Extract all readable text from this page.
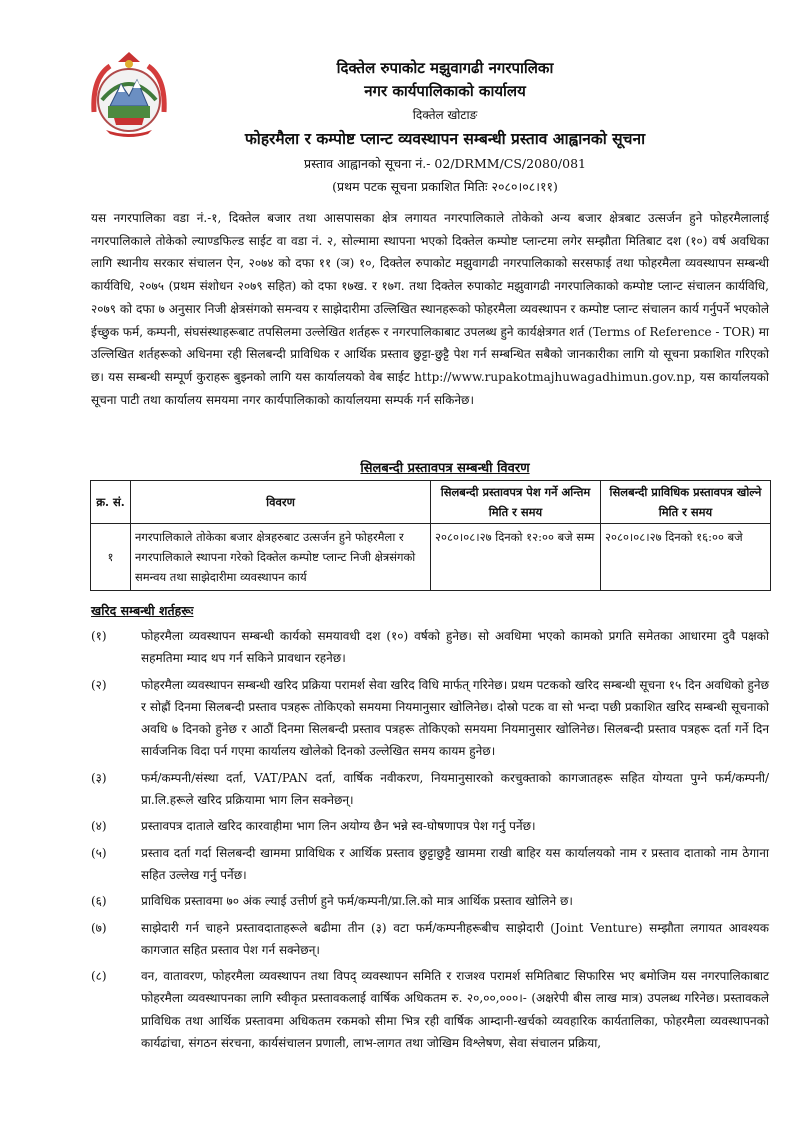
दिक्तेल रुपाकोट मझुवागढी नगरपालिका
नगर कार्यपालिकाको कार्यालय
दिक्तेल खोटाङ
फोहरमैला र कम्पोष्ट प्लान्ट व्यवस्थापन सम्बन्धी प्रस्ताव आह्वानको सूचना
प्रस्ताव आह्वानको सूचना नं.- 02/DRMM/CS/2080/081
(प्रथम पटक सूचना प्रकाशित मितिः २०८०।०८।११)

यस नगरपालिका वडा नं.-१, दिक्तेल बजार तथा आसपासका क्षेत्र लगायत नगरपालिकाले तोकेको अन्य बजार क्षेत्रबाट उत्सर्जन हुने फोहरमैलालाई नगरपालिकाले तोकेको ल्याण्डफिल्ड साईट वा वडा नं. २, सोल्मामा स्थापना भएको दिक्तेल कम्पोष्ट प्लान्टमा लगेर सम्झौता मितिबाट दश (१०) वर्ष अवधिका लागि स्थानीय सरकार संचालन ऐन, २०७४ को दफा ११ (ञ) १०, दिक्तेल रुपाकोट मझुवागढी नगरपालिकाको सरसफाई तथा फोहरमैला व्यवस्थापन सम्बन्धी कार्यविधि, २०७५ (प्रथम संशोधन २०७९ सहित) को दफा १७ख. र १७ग. तथा दिक्तेल रुपाकोट मझुवागढी नगरपालिकाको कम्पोष्ट प्लान्ट संचालन कार्यविधि, २०७९ को दफा ७ अनुसार निजी क्षेत्रसंगको समन्वय र साझेदारीमा उल्लिखित स्थानहरूको फोहरमैला व्यवस्थापन र कम्पोष्ट प्लान्ट संचालन कार्य गर्नुपर्ने भएकोले ईच्छुक फर्म, कम्पनी, संघसंस्थाहरूबाट तपसिलमा उल्लेखित शर्तहरू र नगरपालिकाबाट उपलब्ध हुने कार्यक्षेत्रगत शर्त (Terms of Reference - TOR) मा उल्लिखित शर्तहरूको अधिनमा रही सिलबन्दी प्राविधिक र आर्थिक प्रस्ताव छुट्टा-छुट्टै पेश गर्न सम्बन्धित सबैको जानकारीका लागि यो सूचना प्रकाशित गरिएको छ। यस सम्बन्धी सम्पूर्ण कुराहरू बुझ्नको लागि यस कार्यालयको वेब साईट http://www.rupakotmajhuwagadhimun.gov.np, यस कार्यालयको सूचना पाटी तथा कार्यालय समयमा नगर कार्यपालिकाको कार्यालयमा सम्पर्क गर्न सकिनेछ।

सिलबन्दी प्रस्तावपत्र सम्बन्धी विवरण
क्र. सं.	विवरण	सिलबन्दी प्रस्तावपत्र पेश गर्ने अन्तिम मिति र समय	सिलबन्दी प्राविधिक प्रस्तावपत्र खोल्ने मिति र समय
१	नगरपालिकाले तोकेका बजार क्षेत्रहरुबाट उत्सर्जन हुने फोहरमैला र नगरपालिकाले स्थापना गरेको दिक्तेल कम्पोष्ट प्लान्ट निजी क्षेत्रसंगको समन्वय तथा साझेदारीमा व्यवस्थापन कार्य	२०८०।०८।२७ दिनको १२:०० बजे सम्म	२०८०।०८।२७ दिनको १६:०० बजे
खरिद सम्बन्धी शर्तहरूः
(१)	फोहरमैला व्यवस्थापन सम्बन्धी कार्यको समयावधी दश (१०) वर्षको हुनेछ। सो अवधिमा भएको कामको प्रगति समेतका आधारमा दुवै पक्षको सहमतिमा म्याद थप गर्न सकिने प्रावधान रहनेछ।
(२)	फोहरमैला व्यवस्थापन सम्बन्धी खरिद प्रक्रिया परामर्श सेवा खरिद विधि मार्फत् गरिनेछ। प्रथम पटकको खरिद सम्बन्धी सूचना १५ दिन अवधिको हुनेछ र सोह्रौं दिनमा सिलबन्दी प्रस्ताव पत्रहरू तोकिएको समयमा नियमानुसार खोलिनेछ। दोस्रो पटक वा सो भन्दा पछी प्रकाशित खरिद सम्बन्धी सूचनाको अवधि ७ दिनको हुनेछ र आठौं दिनमा सिलबन्दी प्रस्ताव पत्रहरू तोकिएको समयमा नियमानुसार खोलिनेछ। सिलबन्दी प्रस्ताव पत्रहरू दर्ता गर्ने दिन सार्वजनिक विदा पर्न गएमा कार्यालय खोलेको दिनको उल्लेखित समय कायम हुनेछ।
(३)	फर्म/कम्पनी/संस्था दर्ता, VAT/PAN दर्ता, वार्षिक नवीकरण, नियमानुसारको करचुक्ताको कागजातहरू सहित योग्यता पुग्ने फर्म/कम्पनी/प्रा.लि.हरूले खरिद प्रक्रियामा भाग लिन सक्नेछन्।
(४)	प्रस्तावपत्र दाताले खरिद कारवाहीमा भाग लिन अयोग्य छैन भन्ने स्व-घोषणापत्र पेश गर्नु पर्नेछ।
(५)	प्रस्ताव दर्ता गर्दा सिलबन्दी खाममा प्राविधिक र आर्थिक प्रस्ताव छुट्टाछुट्टै खाममा राखी बाहिर यस कार्यालयको नाम र प्रस्ताव दाताको नाम ठेगाना सहित उल्लेख गर्नु पर्नेछ।
(६)	प्राविधिक प्रस्तावमा ७० अंक ल्याई उत्तीर्ण हुने फर्म/कम्पनी/प्रा.लि.को मात्र आर्थिक प्रस्ताव खोलिने छ।
(७)	साझेदारी गर्न चाहने प्रस्तावदाताहरूले बढीमा तीन (३) वटा फर्म/कम्पनीहरूबीच साझेदारी (Joint Venture) सम्झौता लगायत आवश्यक कागजात सहित प्रस्ताव पेश गर्न सक्नेछन्।
(८)	वन, वातावरण, फोहरमैला व्यवस्थापन तथा विपद् व्यवस्थापन समिति र राजश्व परामर्श समितिबाट सिफारिस भए बमोजिम यस नगरपालिकाबाट फोहरमैला व्यवस्थापनका लागि स्वीकृत प्रस्तावकलाई वार्षिक अधिकतम रु. २०,००,०००।- (अक्षरेपी बीस लाख मात्र) उपलब्ध गरिनेछ। प्रस्तावकले प्राविधिक तथा आर्थिक प्रस्तावमा अधिकतम रकमको सीमा भित्र रही वार्षिक आम्दानी-खर्चको व्यवहारिक कार्यतालिका, फोहरमैला व्यवस्थापनको कार्यढांचा, संगठन संरचना, कार्यसंचालन प्रणाली, लाभ-लागत तथा जोखिम विश्लेषण, सेवा संचालन प्रक्रिया,
